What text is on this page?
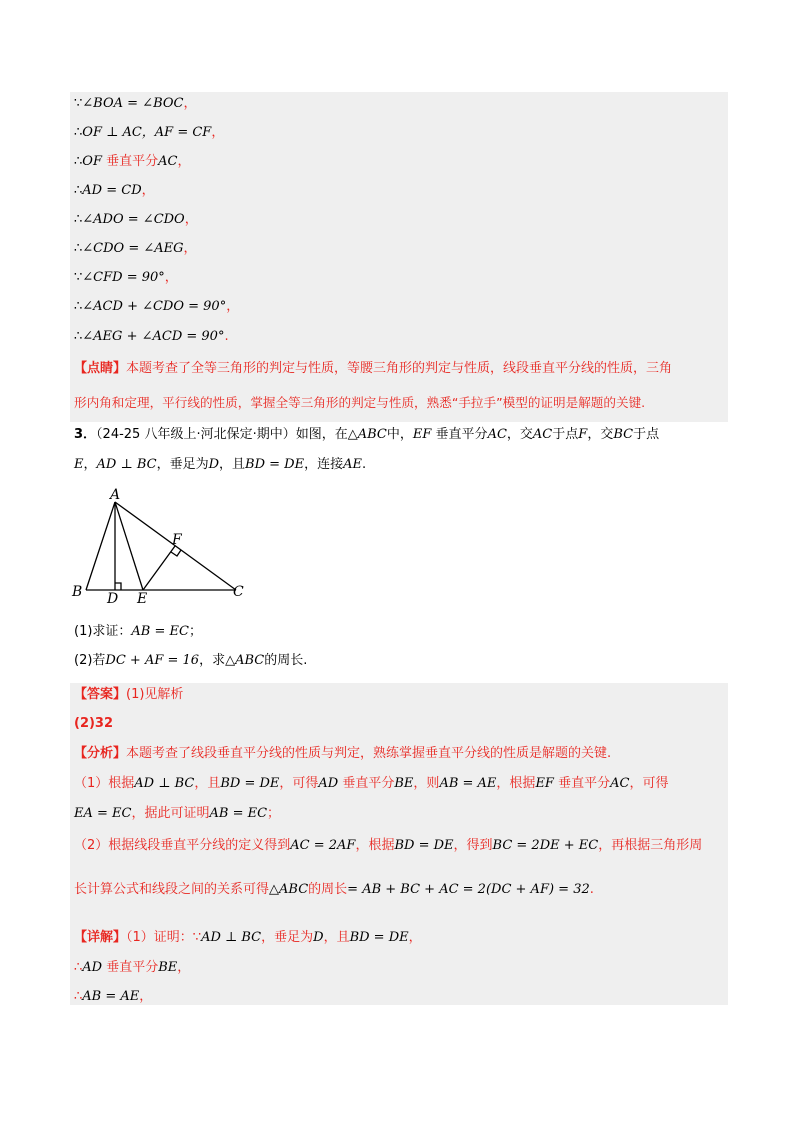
∵∠BOA = ∠BOC，
∴OF ⊥ AC，AF = CF，
∴OF 垂直平分AC，
∴AD = CD，
∴∠ADO = ∠CDO，
∴∠CDO = ∠AEG，
∵∠CFD = 90°，
∴∠ACD + ∠CDO = 90°，
∴∠AEG + ∠ACD = 90°.
【点睛】本题考查了全等三角形的判定与性质，等腰三角形的判定与性质，线段垂直平分线的性质，三角
形内角和定理，平行线的性质，掌握全等三角形的判定与性质，熟悉“手拉手”模型的证明是解题的关键.
3．（24-25 八年级上·河北保定·期中）如图，在△ABC中，EF 垂直平分AC，交AC于点F，交BC于点
E，AD ⊥ BC，垂足为D，且BD = DE，连接AE.
A
B	C
D E
F
(1)求证：AB = EC；
(2)若DC + AF = 16，求△ABC的周长.
【答案】(1)见解析
(2)32
【分析】本题考查了线段垂直平分线的性质与判定，熟练掌握垂直平分线的性质是解题的关键.
（1）根据AD ⊥ BC，且BD = DE，可得AD 垂直平分BE，则AB = AE，根据EF 垂直平分AC，可得
EA = EC，据此可证明AB = EC；
（2）根据线段垂直平分线的定义得到AC = 2AF，根据BD = DE，得到BC = 2DE + EC，再根据三角形周
长计算公式和线段之间的关系可得△ABC的周长= AB + BC + AC = 2(DC + AF) = 32.
【详解】（1）证明：∵AD ⊥ BC，垂足为D，且BD = DE，
∴AD 垂直平分BE，
∴AB = AE，
